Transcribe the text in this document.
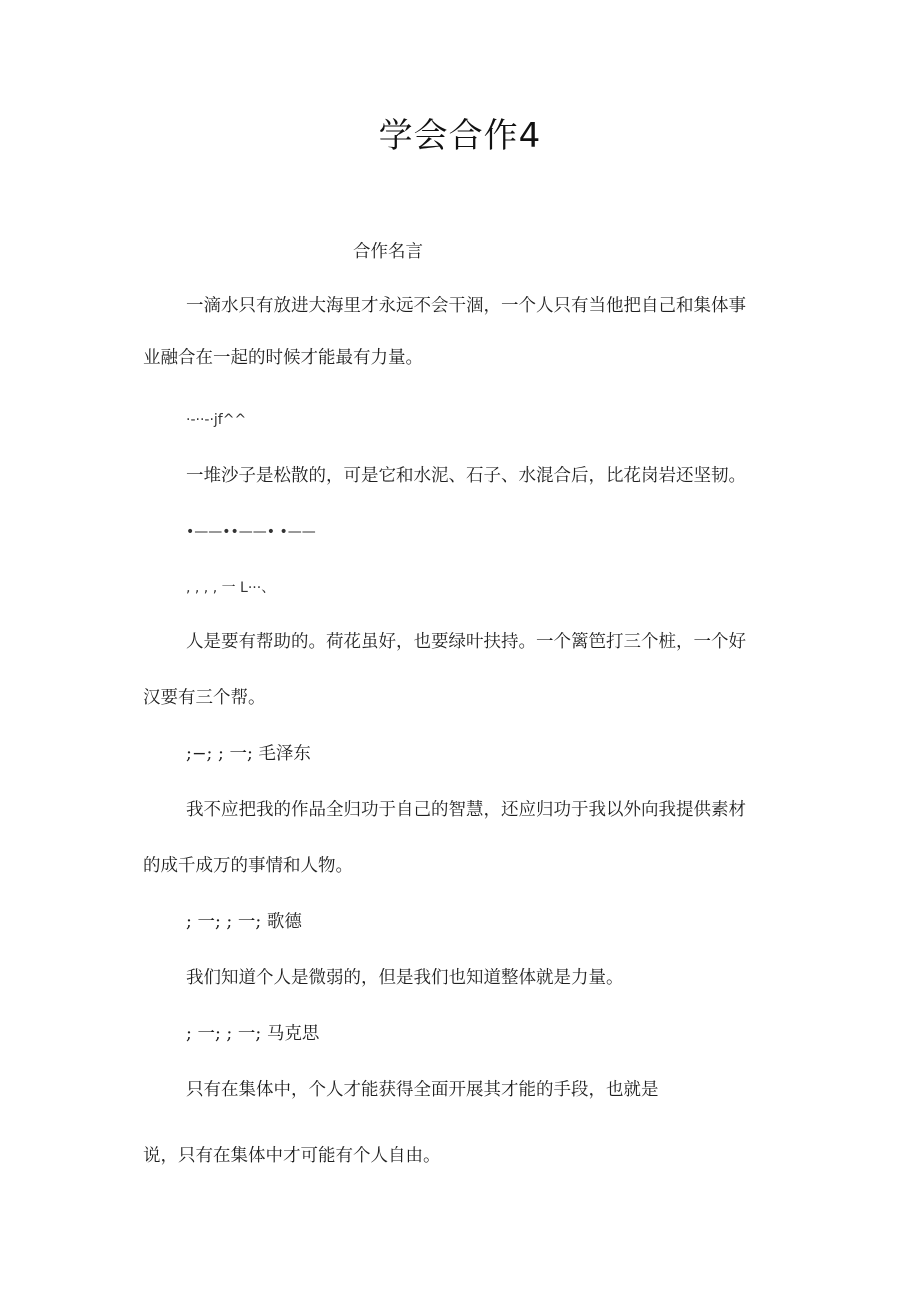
学会合作4
合作名言
一滴水只有放进大海里才永远不会干涸，一个人只有当他把自己和集体事
业融合在一起的时候才能最有力量。
·-··-·jf^^
一堆沙子是松散的，可是它和水泥、石子、水混合后，比花岗岩还坚韧。
•——••——• •——
, , , , 一 L···、
人是要有帮助的。荷花虽好，也要绿叶扶持。一个篱笆打三个桩，一个好
汉要有三个帮。
;−; ; 一; 毛泽东
我不应把我的作品全归功于自己的智慧，还应归功于我以外向我提供素材
的成千成万的事情和人物。
; 一; ; 一; 歌德
我们知道个人是微弱的，但是我们也知道整体就是力量。
; 一; ; 一; 马克思
只有在集体中，个人才能获得全面开展其才能的手段，也就是
说，只有在集体中才可能有个人自由。
